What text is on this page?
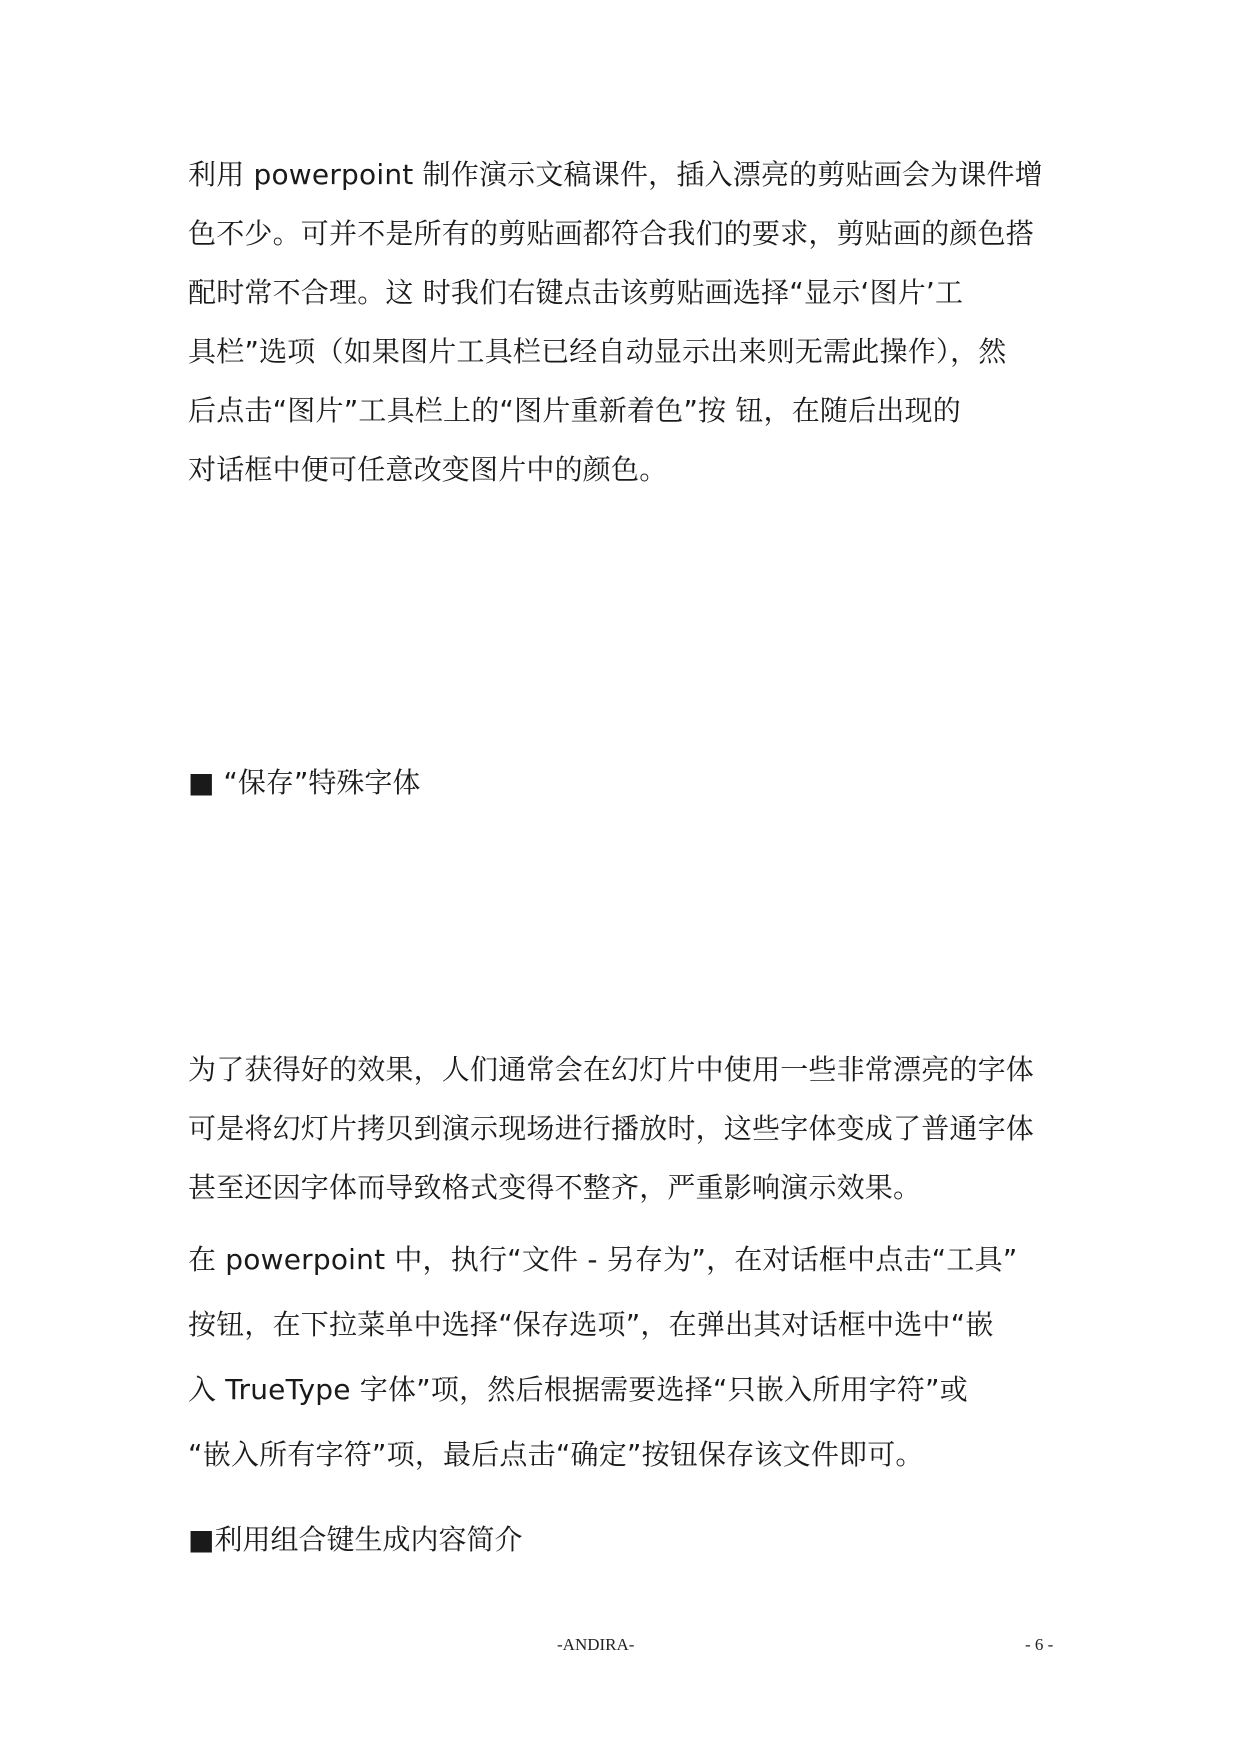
利用 powerpoint 制作演示文稿课件，插入漂亮的剪贴画会为课件增
色不少。可并不是所有的剪贴画都符合我们的要求，剪贴画的颜色搭
配时常不合理。这 时我们右键点击该剪贴画选择“显示‘图片’工
具栏”选项（如果图片工具栏已经自动显示出来则无需此操作），然
后点击“图片”工具栏上的“图片重新着色”按 钮，在随后出现的
对话框中便可任意改变图片中的颜色。
■ “保存”特殊字体
为了获得好的效果，人们通常会在幻灯片中使用一些非常漂亮的字体
可是将幻灯片拷贝到演示现场进行播放时，这些字体变成了普通字体
甚至还因字体而导致格式变得不整齐，严重影响演示效果。
在 powerpoint 中，执行“文件 - 另存为”，在对话框中点击“工具”
按钮，在下拉菜单中选择“保存选项”，在弹出其对话框中选中“嵌
入 TrueType 字体”项，然后根据需要选择“只嵌入所用字符”或
“嵌入所有字符”项，最后点击“确定”按钮保存该文件即可。
■利用组合键生成内容简介
-ANDIRA-	- 6 -
